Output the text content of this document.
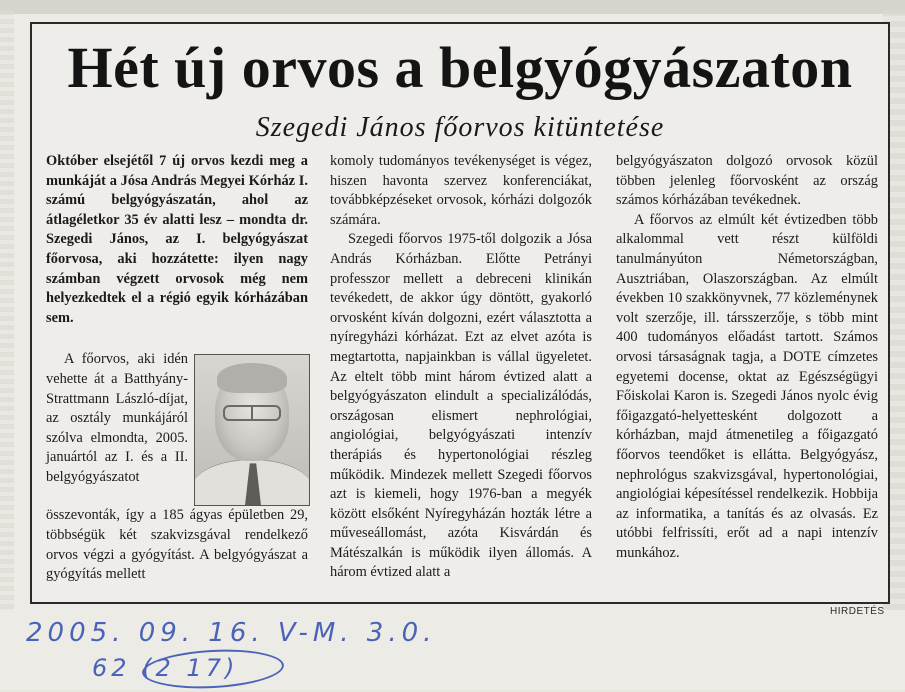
Hét új orvos a belgyógyászaton
Szegedi János főorvos kitüntetése

Október elsejétől 7 új orvos kezdi meg a munkáját a Jósa András Megyei Kórház I. számú belgyógyászatán, ahol az átlagéletkor 35 év alatti lesz – mondta dr. Szegedi János, az I. belgyógyászat főorvosa, aki hozzátette: ilyen nagy számban végzett orvosok még nem helyezkedtek el a régió egyik kórházában sem.

A főorvos, aki idén vehette át a Batthyány-Strattmann László-díjat, az osztály munkájáról szólva elmondta, 2005. januártól az I. és a II. belgyógyászatot

összevonták, így a 185 ágyas épületben 29, többségük két szakvizsgával rendelkező orvos végzi a gyógyítást. A belgyógyászat a gyógyítás mellett

komoly tudományos tevékenységet is végez, hiszen havonta szervez konferenciákat, továbbképzéseket orvosok, kórházi dolgozók számára.

Szegedi főorvos 1975-től dolgozik a Jósa András Kórházban. Előtte Petrányi professzor mellett a debreceni klinikán tevékedett, de akkor úgy döntött, gyakorló orvosként kíván dolgozni, ezért választotta a nyíregyházi kórházat. Ezt az elvet azóta is megtartotta, napjainkban is vállal ügyeletet. Az eltelt több mint három évtized alatt a belgyógyászaton elindult a specializálódás, országosan elismert nephrológiai, angiológiai, belgyógyászati intenzív therápiás és hypertonológiai részleg működik. Mindezek mellett Szegedi főorvos azt is kiemeli, hogy 1976-ban a megyék között elsőként Nyíregyházán hozták létre a műveseállomást, azóta Kisvárdán és Mátészalkán is működik ilyen állomás. A három évtized alatt a

belgyógyászaton dolgozó orvosok közül többen jelenleg főorvosként az ország számos kórházában tevékednek.

A főorvos az elmúlt két évtizedben több alkalommal vett részt külföldi tanulmányúton Németországban, Ausztriában, Olaszországban. Az elmúlt években 10 szakkönyvnek, 77 közleménynek volt szerzője, ill. társszerzője, s több mint 400 tudományos előadást tartott. Számos orvosi társaságnak tagja, a DOTE címzetes egyetemi docense, oktat az Egészségügyi Főiskolai Karon is. Szegedi János nyolc évig főigazgató-helyettesként dolgozott a kórházban, majd átmenetileg a főigazgató főorvos teendőket is ellátta. Belgyógyász, nephrológus szakvizsgával, hypertonológiai, angiológiai képesítéssel rendelkezik. Hobbija az informatika, a tanítás és az olvasás. Ez utóbbi felfrissíti, erőt ad a napi intenzív munkához.

HIRDETÉS
2005. 09. 16. V-M. 3.0.
62 (2 17)
